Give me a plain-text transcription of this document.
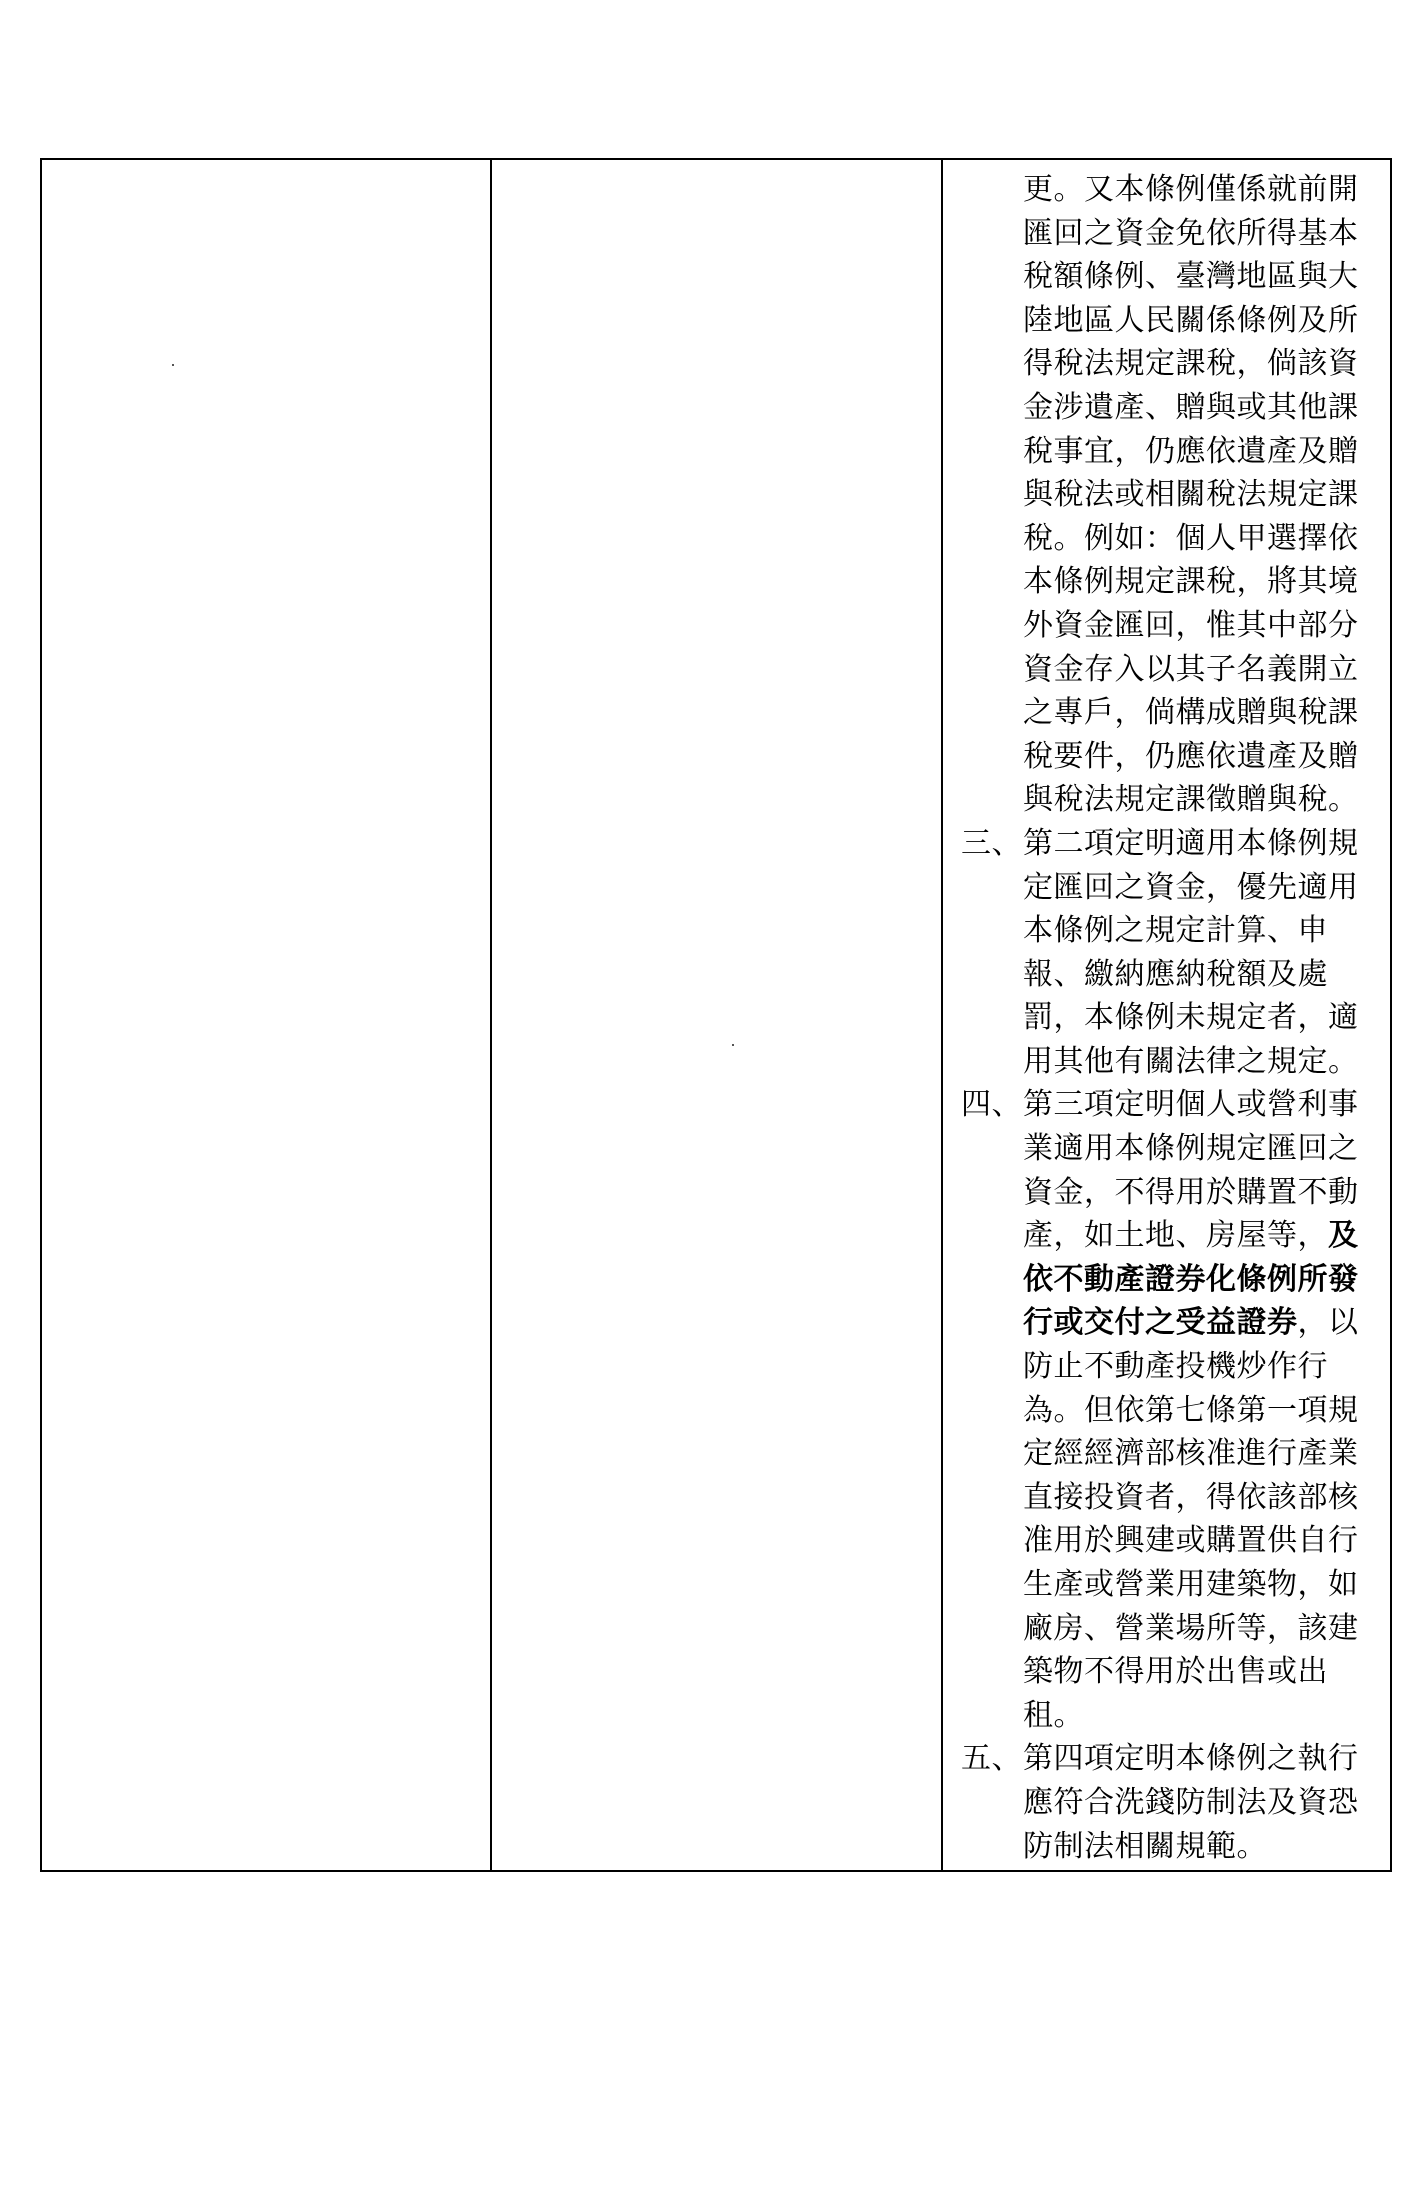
更。又本條例僅係就前開匯回之資金免依所得基本稅額條例、臺灣地區與大陸地區人民關係條例及所得稅法規定課稅，倘該資金涉遺產、贈與或其他課稅事宜，仍應依遺產及贈與稅法或相關稅法規定課稅。例如：個人甲選擇依本條例規定課稅，將其境外資金匯回，惟其中部分資金存入以其子名義開立之專戶，倘構成贈與稅課稅要件，仍應依遺產及贈與稅法規定課徵贈與稅。
三、 第二項定明適用本條例規定匯回之資金，優先適用本條例之規定計算、申報、繳納應納稅額及處罰，本條例未規定者，適用其他有關法律之規定。
四、 第三項定明個人或營利事業適用本條例規定匯回之資金，不得用於購置不動產，如土地、房屋等，及依不動產證券化條例所發行或交付之受益證券，以防止不動產投機炒作行為。但依第七條第一項規定經經濟部核准進行產業直接投資者，得依該部核准用於興建或購置供自行生產或營業用建築物，如廠房、營業場所等，該建築物不得用於出售或出租。
五、 第四項定明本條例之執行應符合洗錢防制法及資恐防制法相關規範。
